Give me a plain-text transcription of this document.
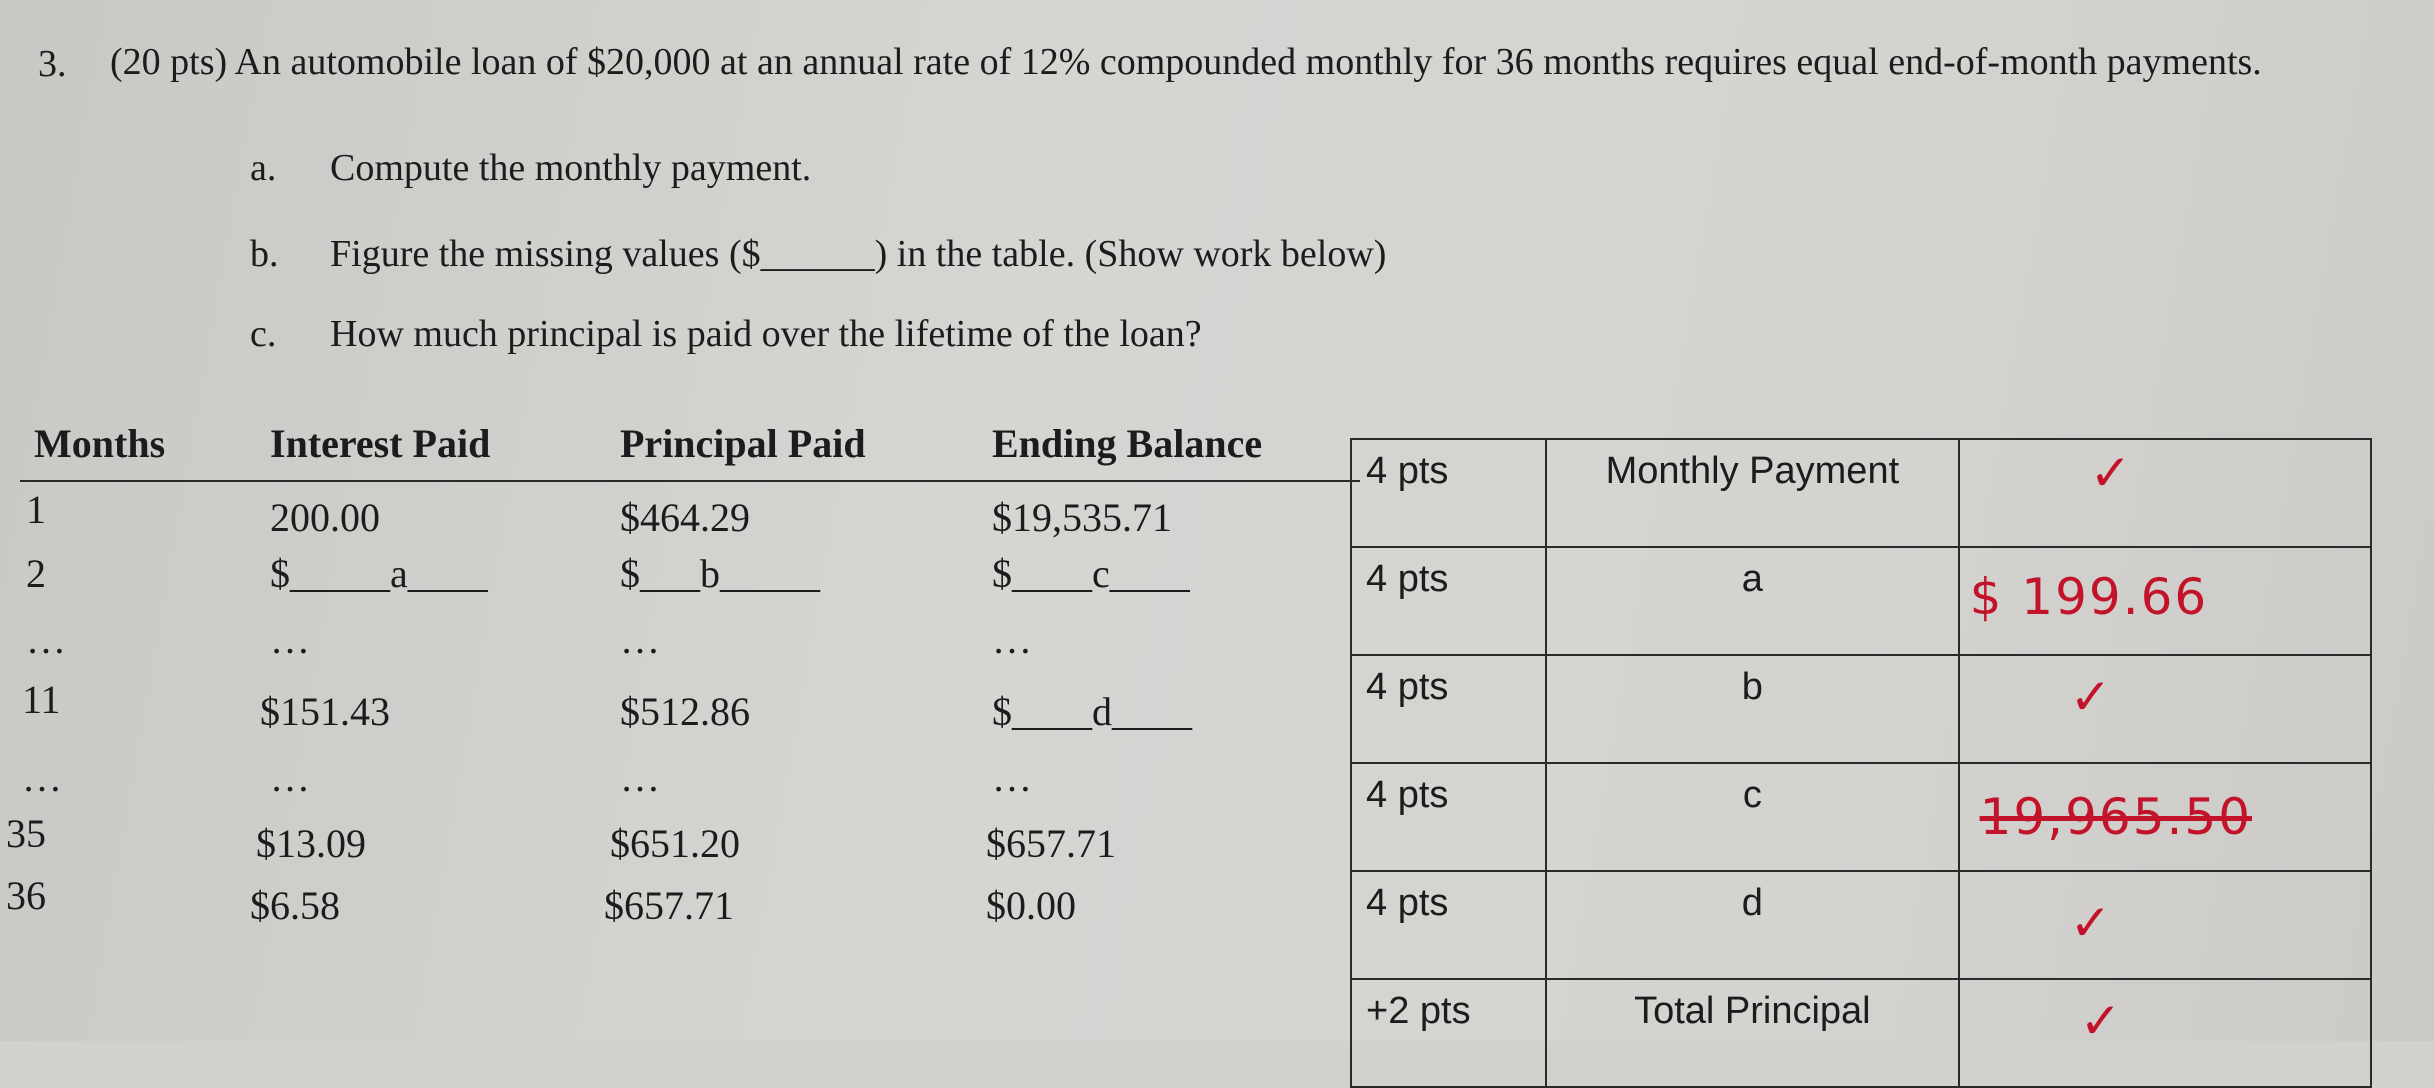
3. (20 pts) An automobile loan of $20,000 at an annual rate of 12% compounded monthly for 36 months requires equal end-of-month payments.
a. Compute the monthly payment.
b. Figure the missing values ($______) in the table. (Show work below)
c. How much principal is paid over the lifetime of the loan?
Months	Interest Paid	Principal Paid	Ending Balance
1	200.00	$464.29	$19,535.71
2	$_____a____	$___b_____	$____c____
…	…	…	…
11	$151.43	$512.86	$____d____
…	…	…	…
35	$13.09	$651.20	$657.71
36	$6.58	$657.71	$0.00
4 pts	Monthly Payment	✓

4 pts	a	$ 199.66

4 pts	b	✓

4 pts	c	19,965.50

4 pts	d	✓

+2 pts	Total Principal	✓
